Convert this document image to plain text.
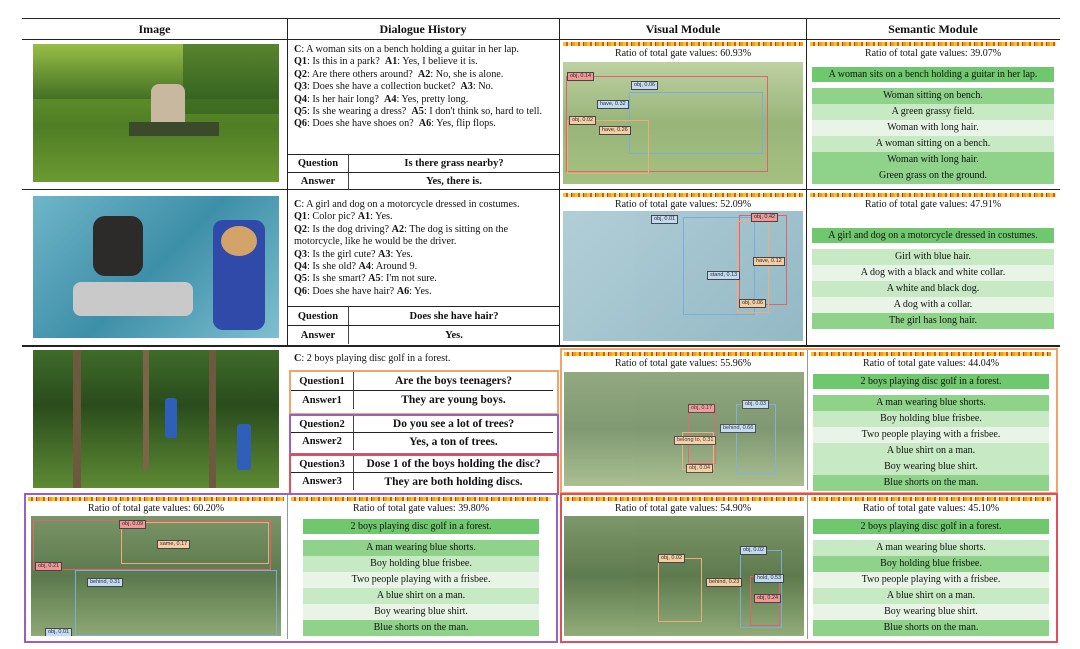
Image	Dialogue History	Visual Module	Semantic Module
C: A woman sits on a bench holding a guitar in her lap.
Q1: Is this in a park?  A1: Yes, I believe it is.
Q2: Are there others around?  A2: No, she is alone.
Q3: Does she have a collection bucket?  A3: No.
Q4: Is her hair long?  A4: Yes, pretty long.
Q5: Is she wearing a dress?  A5: I don't think so, hard to tell.
Q6: Does she have shoes on?  A6: Yes, flip flops.
Question	Is there grass nearby?
Answer	Yes, there is.
Ratio of total gate values: 60.93%
obj, 0.14
obj, 0.06
have, 0.32
obj, 0.02
have, 0.26
Ratio of total gate values: 39.07%
A woman sits on a bench holding a guitar in her lap.
Woman sitting on bench.
A green grassy field.
Woman with long hair.
A woman sitting on a bench.
Woman with long hair.
Green grass on the ground.
C: A girl and dog on a motorcycle dressed in costumes.
Q1: Color pic? A1: Yes.
Q2: Is the dog driving? A2: The dog is sitting on the
motorcycle, like he would be the driver.
Q3: Is the girl cute? A3: Yes.
Q4: Is she old? A4: Around 9.
Q5: Is she smart? A5: I'm not sure.
Q6: Does she have hair? A6: Yes.
Question	Does she have hair?
Answer	Yes.
Ratio of total gate values: 52.09%
obj, 0.01	obj, 0.42
have, 0.12
stand, 0.13
obj, 0.06
Ratio of total gate values: 47.91%
A girl and dog on a motorcycle dressed in costumes.
Girl with blue hair.
A dog with a black and white collar.
A white and black dog.
A dog with a collar.
The girl has long hair.
C: 2 boys playing disc golf in a forest.
Question1	Are the boys teenagers?
Answer1	They are young boys.
Question2	Do you see a lot of trees?
Answer2	Yes, a ton of trees.
Question3	Dose 1 of the boys holding the disc?
Answer3	They are both holding discs.
Ratio of total gate values: 55.96%
obj, 0.17
obj, 0.03
behind, 0.66
belong to, 0.31
obj, 0.04
Ratio of total gate values: 44.04%
2 boys playing disc golf in a forest.
A man wearing blue shorts.
Boy holding blue frisbee.
Two people playing with a frisbee.
A blue shirt on a man.
Boy wearing blue shirt.
Blue shorts on the man.
Ratio of total gate values: 60.20%
obj, 0.09
same, 0.17
obj, 0.21
behind, 0.31
obj, 0.01
Ratio of total gate values: 39.80%
2 boys playing disc golf in a forest.
A man wearing blue shorts.
Boy holding blue frisbee.
Two people playing with a frisbee.
A blue shirt on a man.
Boy wearing blue shirt.
Blue shorts on the man.
Ratio of total gate values: 54.90%
obj, 0.02
obj, 0.02
behind, 0.23
hold, 0.53
obj, 0.24
Ratio of total gate values: 45.10%
2 boys playing disc golf in a forest.
A man wearing blue shorts.
Boy holding blue frisbee.
Two people playing with a frisbee.
A blue shirt on a man.
Boy wearing blue shirt.
Blue shorts on the man.
